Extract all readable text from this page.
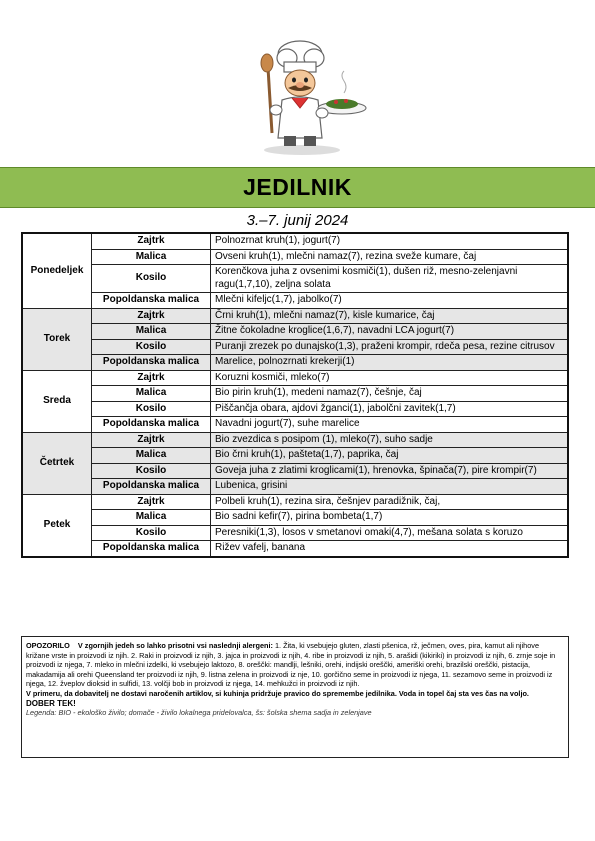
JEDILNIK
3.–7. junij 2024
Ponedeljek	Zajtrk	Polnozrnat kruh(1), jogurt(7)
	Malica	Ovseni kruh(1), mlečni namaz(7), rezina sveže kumare, čaj
	Kosilo	Korenčkova juha z ovsenimi kosmiči(1), dušen riž, mesno-zelenjavni ragu(1,7,10), zeljna solata
	Popoldanska malica	Mlečni kifeljc(1,7), jabolko(7)
Torek	Zajtrk	Črni kruh(1), mlečni namaz(7), kisle kumarice, čaj
	Malica	Žitne čokoladne kroglice(1,6,7), navadni LCA jogurt(7)
	Kosilo	Puranji zrezek po dunajsko(1,3), praženi krompir, rdeča pesa, rezine citrusov
	Popoldanska malica	Marelice, polnozrnati krekerji(1)
Sreda	Zajtrk	Koruzni kosmiči, mleko(7)
	Malica	Bio pirin kruh(1), medeni namaz(7), češnje, čaj
	Kosilo	Piščančja obara, ajdovi žganci(1), jabolčni zavitek(1,7)
	Popoldanska malica	Navadni jogurt(7), suhe marelice
Četrtek	Zajtrk	Bio zvezdica s posipom (1), mleko(7), suho sadje
	Malica	Bio črni kruh(1), pašteta(1,7), paprika, čaj
	Kosilo	Goveja juha z zlatimi kroglicami(1), hrenovka, špinača(7), pire krompir(7)
	Popoldanska malica	Lubenica, grisini
Petek	Zajtrk	Polbeli kruh(1), rezina sira, češnjev paradižnik, čaj,
	Malica	Bio sadni kefir(7), pirina bombeta(1,7)
	Kosilo	Peresniki(1,3), losos v smetanovi omaki(4,7), mešana solata s koruzo
	Popoldanska malica	Rižev vafelj, banana
OPOZORILO V zgornjih jedeh so lahko prisotni vsi naslednji alergeni: 1. Žita, ki vsebujejo gluten, zlasti pšenica, rž, ječmen, oves, pira, kamut ali njihove križane vrste in proizvodi iz njih. 2. Raki in proizvodi iz njih, 3. jajca in proizvodi iz njih, 4. ribe in proizvodi iz njih, 5. arašidi (kikiriki) in proizvodi iz njih, 6. zrnje soje in proizvodi iz njega, 7. mleko in mlečni izdelki, ki vsebujejo laktozo, 8. oreščki: mandlji, lešniki, orehi, indijski oreščki, ameriški orehi, brazilski oreščki, pistacija, makadamija ali orehi Queensland ter proizvodi iz njih, 9. listna zelena in proizvodi iz nje, 10. gorčično seme in proizvodi iz njega, 11. sezamovo seme in proizvodi iz njega, 12. žveplov dioksid in sulfidi, 13. volčji bob in proizvodi iz njega, 14. mehkužci in proizvodi iz njih.
V primeru, da dobavitelj ne dostavi naročenih artiklov, si kuhinja pridržuje pravico do spremembe jedilnika. Voda in topel čaj sta ves čas na voljo.
DOBER TEK!
Legenda: BIO - ekološko živilo; domače - živilo lokalnega pridelovalca, šs: šolska shema sadja in zelenjave
